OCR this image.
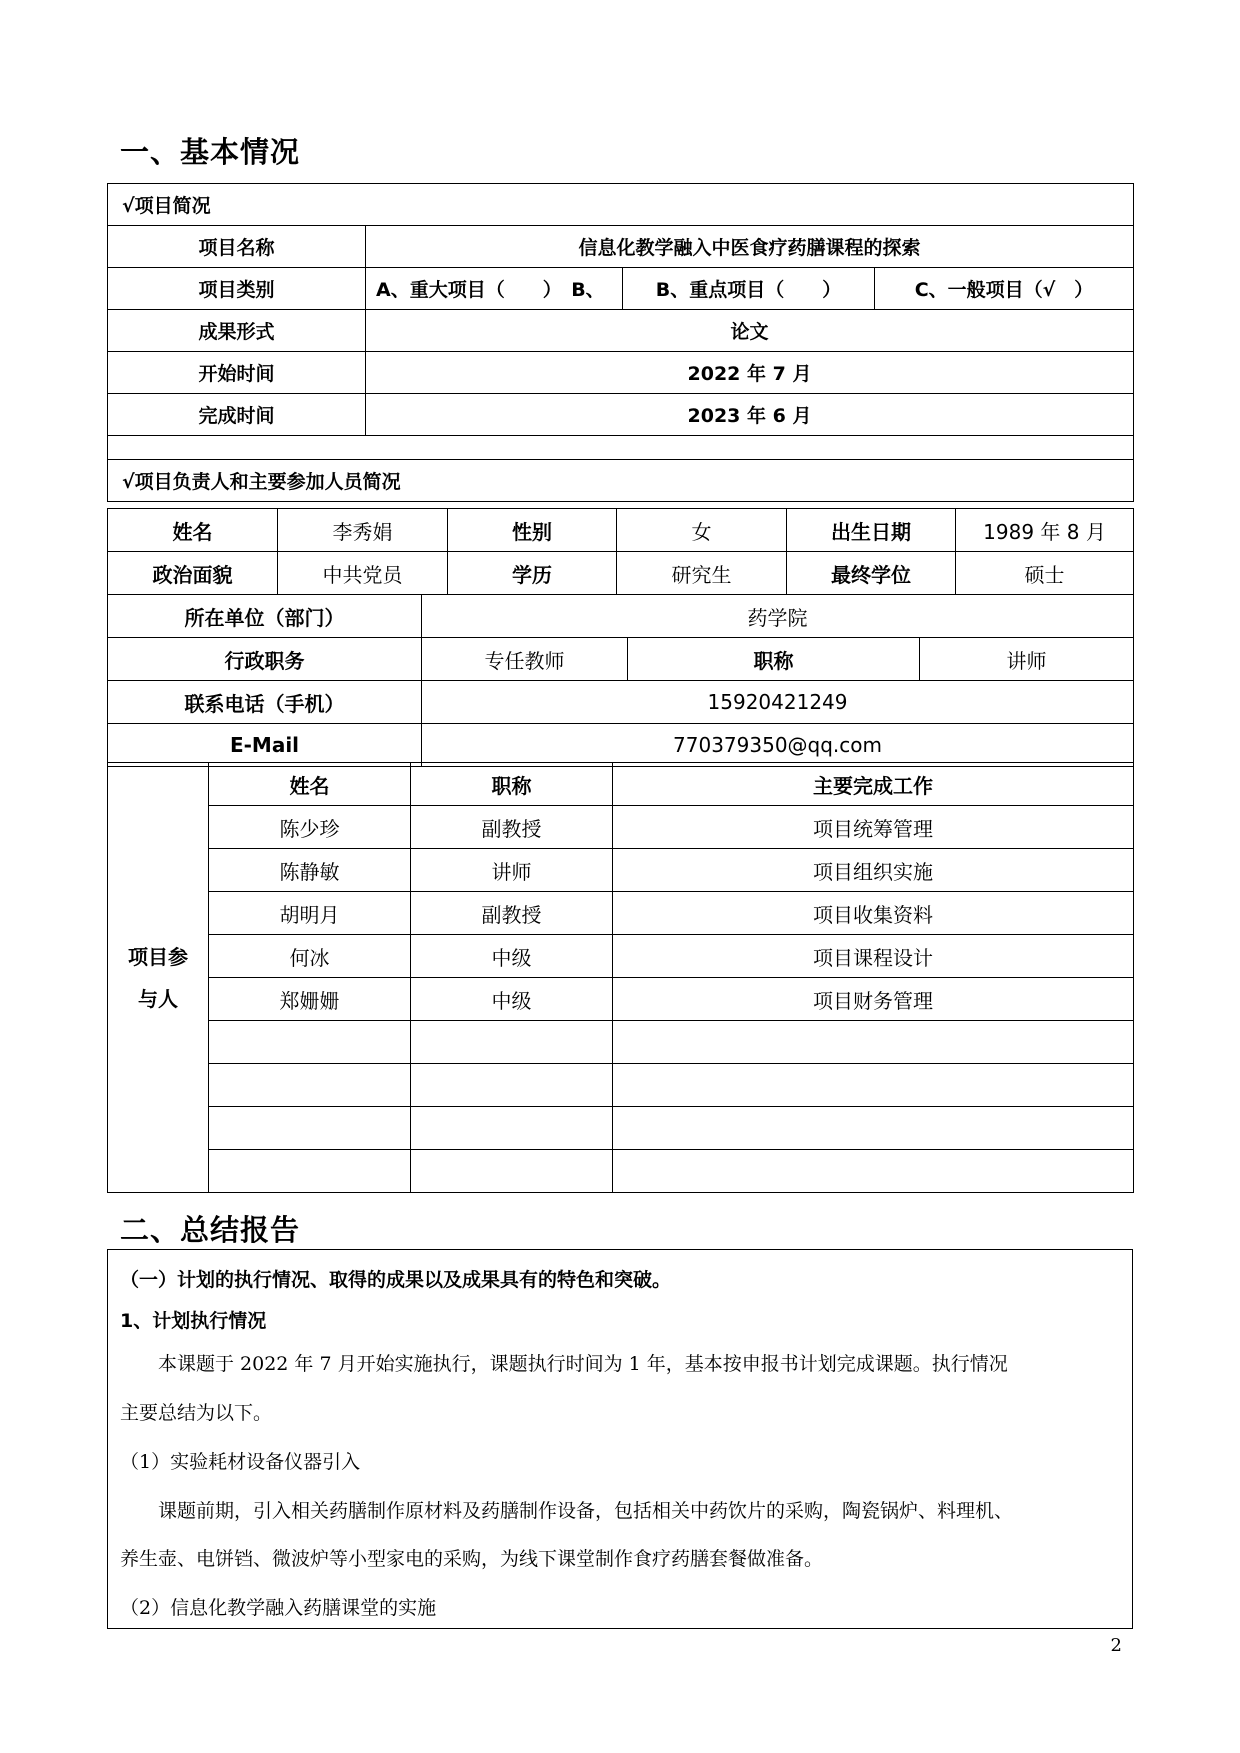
一、基本情况
√项目简况			
项目名称	信息化教学融入中医食疗药膳课程的探索		
项目类别	A、重大项目（　　）　B、	B、重点项目（　　）	C、一般项目（√　）
成果形式	论文		
开始时间	2022 年 7 月		
完成时间	2023 年 6 月		

√项目负责人和主要参加人员简况			
姓名	李秀娟	性别	女	出生日期	1989 年 8 月
政治面貌	中共党员	学历	研究生	最终学位	硕士
所在单位（部门）	药学院		
行政职务	专任教师	职称	讲师
联系电话（手机）	15920421249		
E-Mail	770379350@qq.com		
项目参
与人	姓名	职称	主要完成工作
	陈少珍	副教授	项目统筹管理
	陈静敏	讲师	项目组织实施
	胡明月	副教授	项目收集资料
	何冰	中级	项目课程设计
	郑姗姗	中级	项目财务管理

二、总结报告
（一）计划的执行情况、取得的成果以及成果具有的特色和突破。
1、计划执行情况
　　本课题于 2022 年 7 月开始实施执行，课题执行时间为 1 年，基本按申报书计划完成课题。执行情况
主要总结为以下。
（1）实验耗材设备仪器引入
　　课题前期，引入相关药膳制作原材料及药膳制作设备，包括相关中药饮片的采购，陶瓷锅炉、料理机、
养生壶、电饼铛、微波炉等小型家电的采购，为线下课堂制作食疗药膳套餐做准备。
（2）信息化教学融入药膳课堂的实施
2
